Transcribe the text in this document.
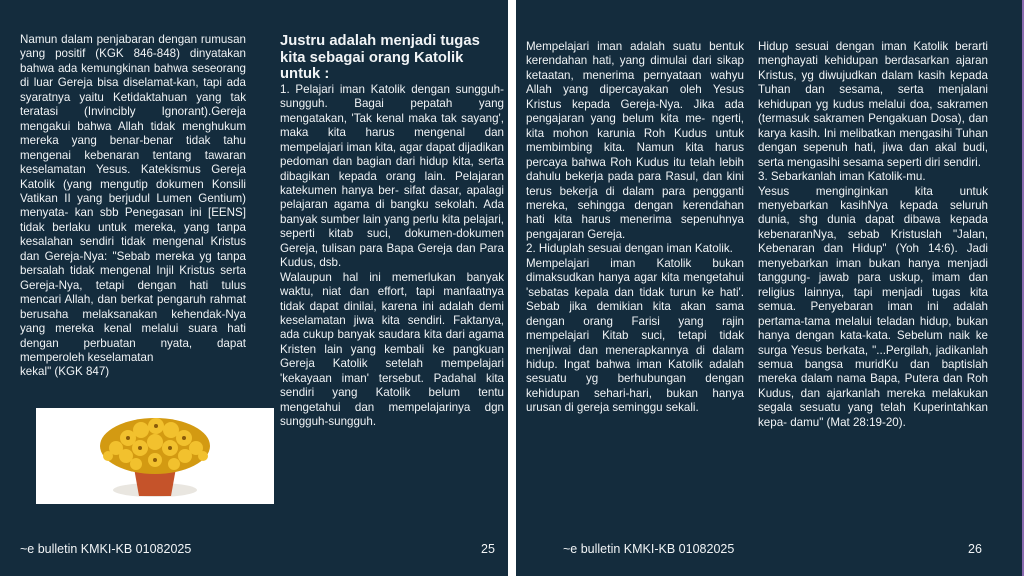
Namun dalam penjabaran dengan rumusan yang positif (KGK 846-848) dinyatakan bahwa ada kemungkinan bahwa seseorang di luar Gereja bisa diselamat-kan, tapi ada syaratnya yaitu Ketidaktahuan yang tak teratasi (Invincibly Ignorant).Gereja mengakui bahwa Allah tidak menghukum mereka yang benar-benar tidak tahu mengenai kebenaran tentang tawaran keselamatan Yesus. Katekismus Gereja Katolik (yang mengutip dokumen Konsili Vatikan II yang berjudul Lumen Gentium) menyata- kan sbb Penegasan ini [EENS] tidak berlaku untuk mereka, yang tanpa kesalahan sendiri tidak mengenal Kristus dan Gereja-Nya: "Sebab mereka yg tanpa bersalah tidak mengenal Injil Kristus serta Gereja-Nya, tetapi dengan hati tulus mencari Allah, dan berkat pengaruh rahmat berusaha melaksanakan kehendak-Nya yang mereka kenal melalui suara hati dengan perbuatan nyata, dapat memperoleh keselamatan

kekal" (KGK 847)

Justru adalah menjadi tugas kita sebagai orang Katolik untuk :

1. Pelajari iman Katolik dengan sungguh-sungguh. Bagai pepatah yang mengatakan, 'Tak kenal maka tak sayang', maka kita harus mengenal dan mempelajari iman kita, agar dapat dijadikan pedoman dan bagian dari hidup kita, serta dibagikan kepada orang lain. Pelajaran katekumen hanya ber- sifat dasar, apalagi pelajaran agama di bangku sekolah. Ada banyak sumber lain yang perlu kita pelajari, seperti kitab suci, dokumen-dokumen Gereja, tulisan para Bapa Gereja dan Para Kudus, dsb.

Walaupun hal ini memerlukan banyak waktu, niat dan effort, tapi manfaatnya tidak dapat dinilai, karena ini adalah demi keselamatan jiwa kita sendiri. Faktanya, ada cukup banyak saudara kita dari agama Kristen lain yang kembali ke pangkuan Gereja Katolik setelah mempelajari 'kekayaan iman' tersebut. Padahal kita sendiri yang Katolik belum tentu mengetahui dan mempelajarinya dgn sungguh-sungguh.

~e bulletin KMKI-KB 01082025	25

Mempelajari iman adalah suatu bentuk kerendahan hati, yang dimulai dari sikap ketaatan, menerima pernyataan wahyu Allah yang dipercayakan oleh Yesus Kristus kepada Gereja-Nya. Jika ada pengajaran yang belum kita me- ngerti, kita mohon karunia Roh Kudus untuk membimbing kita. Namun kita harus percaya bahwa Roh Kudus itu telah lebih dahulu bekerja pada para Rasul, dan kini terus bekerja di dalam para pengganti mereka, sehingga dengan kerendahan hati kita harus menerima sepenuhnya pengajaran Gereja.

2. Hiduplah sesuai dengan iman Katolik.

Mempelajari iman Katolik bukan dimaksudkan hanya agar kita mengetahui 'sebatas kepala dan tidak turun ke hati'. Sebab jika demikian kita akan sama dengan orang Farisi yang rajin mempelajari Kitab suci, tetapi tidak menjiwai dan menerapkannya di dalam hidup. Ingat bahwa iman Katolik adalah sesuatu yg berhubungan dengan kehidupan sehari-hari, bukan hanya urusan di gereja seminggu sekali.

Hidup sesuai dengan iman Katolik berarti menghayati kehidupan berdasarkan ajaran Kristus, yg diwujudkan dalam kasih kepada Tuhan dan sesama, serta menjalani kehidupan yg kudus melalui doa, sakramen (termasuk sakramen Pengakuan Dosa), dan karya kasih. Ini melibatkan mengasihi Tuhan dengan sepenuh hati, jiwa dan akal budi, serta mengasihi sesama seperti diri sendiri.

3. Sebarkanlah iman Katolik-mu.

Yesus menginginkan kita untuk menyebarkan kasihNya kepada seluruh dunia, shg dunia dapat dibawa kepada kebenaranNya, sebab Kristuslah "Jalan, Kebenaran dan Hidup" (Yoh 14:6). Jadi menyebarkan iman bukan hanya menjadi tanggung- jawab para uskup, imam dan religius lainnya, tapi menjadi tugas kita semua. Penyebaran iman ini adalah pertama-tama melalui teladan hidup, bukan hanya dengan kata-kata. Sebelum naik ke surga Yesus berkata, "...Pergilah, jadikanlah semua bangsa muridKu dan baptislah mereka dalam nama Bapa, Putera dan Roh Kudus, dan ajarkanlah mereka melakukan segala sesuatu yang telah Kuperintahkan kepa- damu" (Mat 28:19-20).

~e bulletin KMKI-KB 01082025	26
